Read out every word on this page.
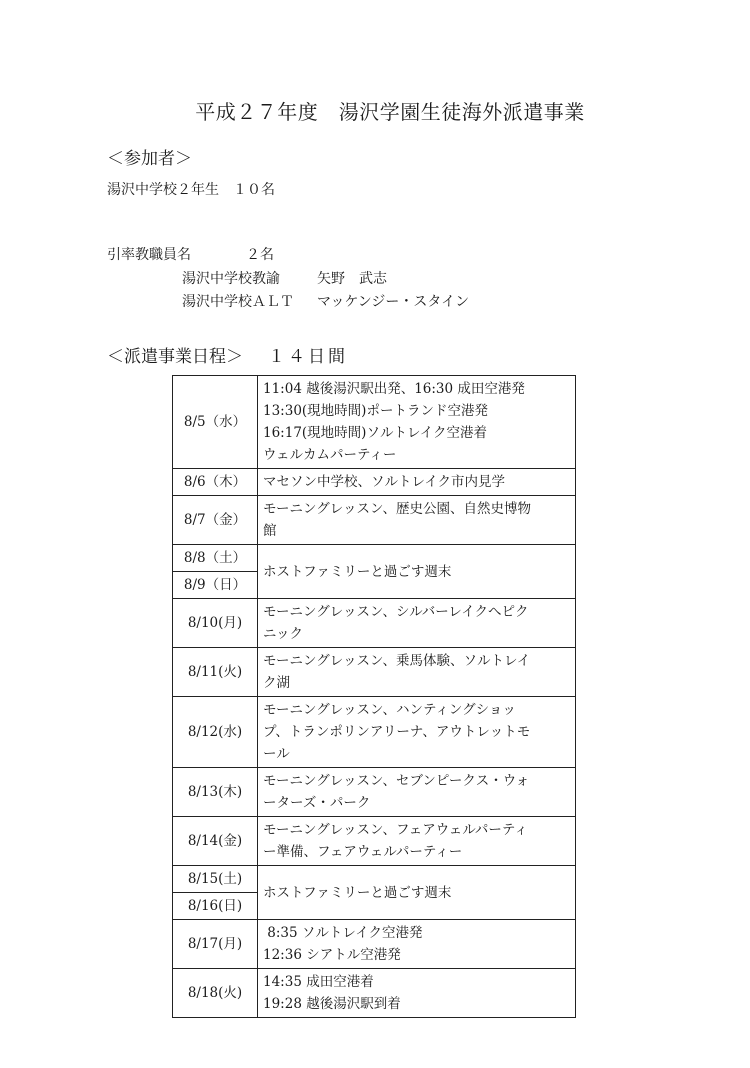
平成２７年度　湯沢学園生徒海外派遣事業
＜参加者＞
湯沢中学校２年生　１０名
引率教職員名	２名
湯沢中学校教諭	矢野　武志
湯沢中学校ＡＬＴ マッケンジー・スタイン
＜派遣事業日程＞ １４日間
8/5（水）	11:04 越後湯沢駅出発、16:30 成田空港発
13:30(現地時間)ポートランド空港発
16:17(現地時間)ソルトレイク空港着
ウェルカムパーティー

8/6（木）	マセソン中学校、ソルトレイク市内見学

8/7（金）	モーニングレッスン、歴史公園、自然史博物
館

8/8（土）	ホストファミリーと過ごす週末

8/9（日）	
8/10(月)	モーニングレッスン、シルバーレイクへピク
ニック

8/11(火)	モーニングレッスン、乗馬体験、ソルトレイ
ク湖

8/12(水)	モーニングレッスン、ハンティングショッ
プ、トランポリンアリーナ、アウトレットモ
ール

8/13(木)	モーニングレッスン、セブンピークス・ウォ
ーターズ・パーク

8/14(金)	モーニングレッスン、フェアウェルパーティ
ー準備、フェアウェルパーティー

8/15(土)	ホストファミリーと過ごす週末

8/16(日)	
8/17(月)	8:35 ソルトレイク空港発
12:36 シアトル空港発

8/18(火)	14:35 成田空港着
19:28 越後湯沢駅到着
